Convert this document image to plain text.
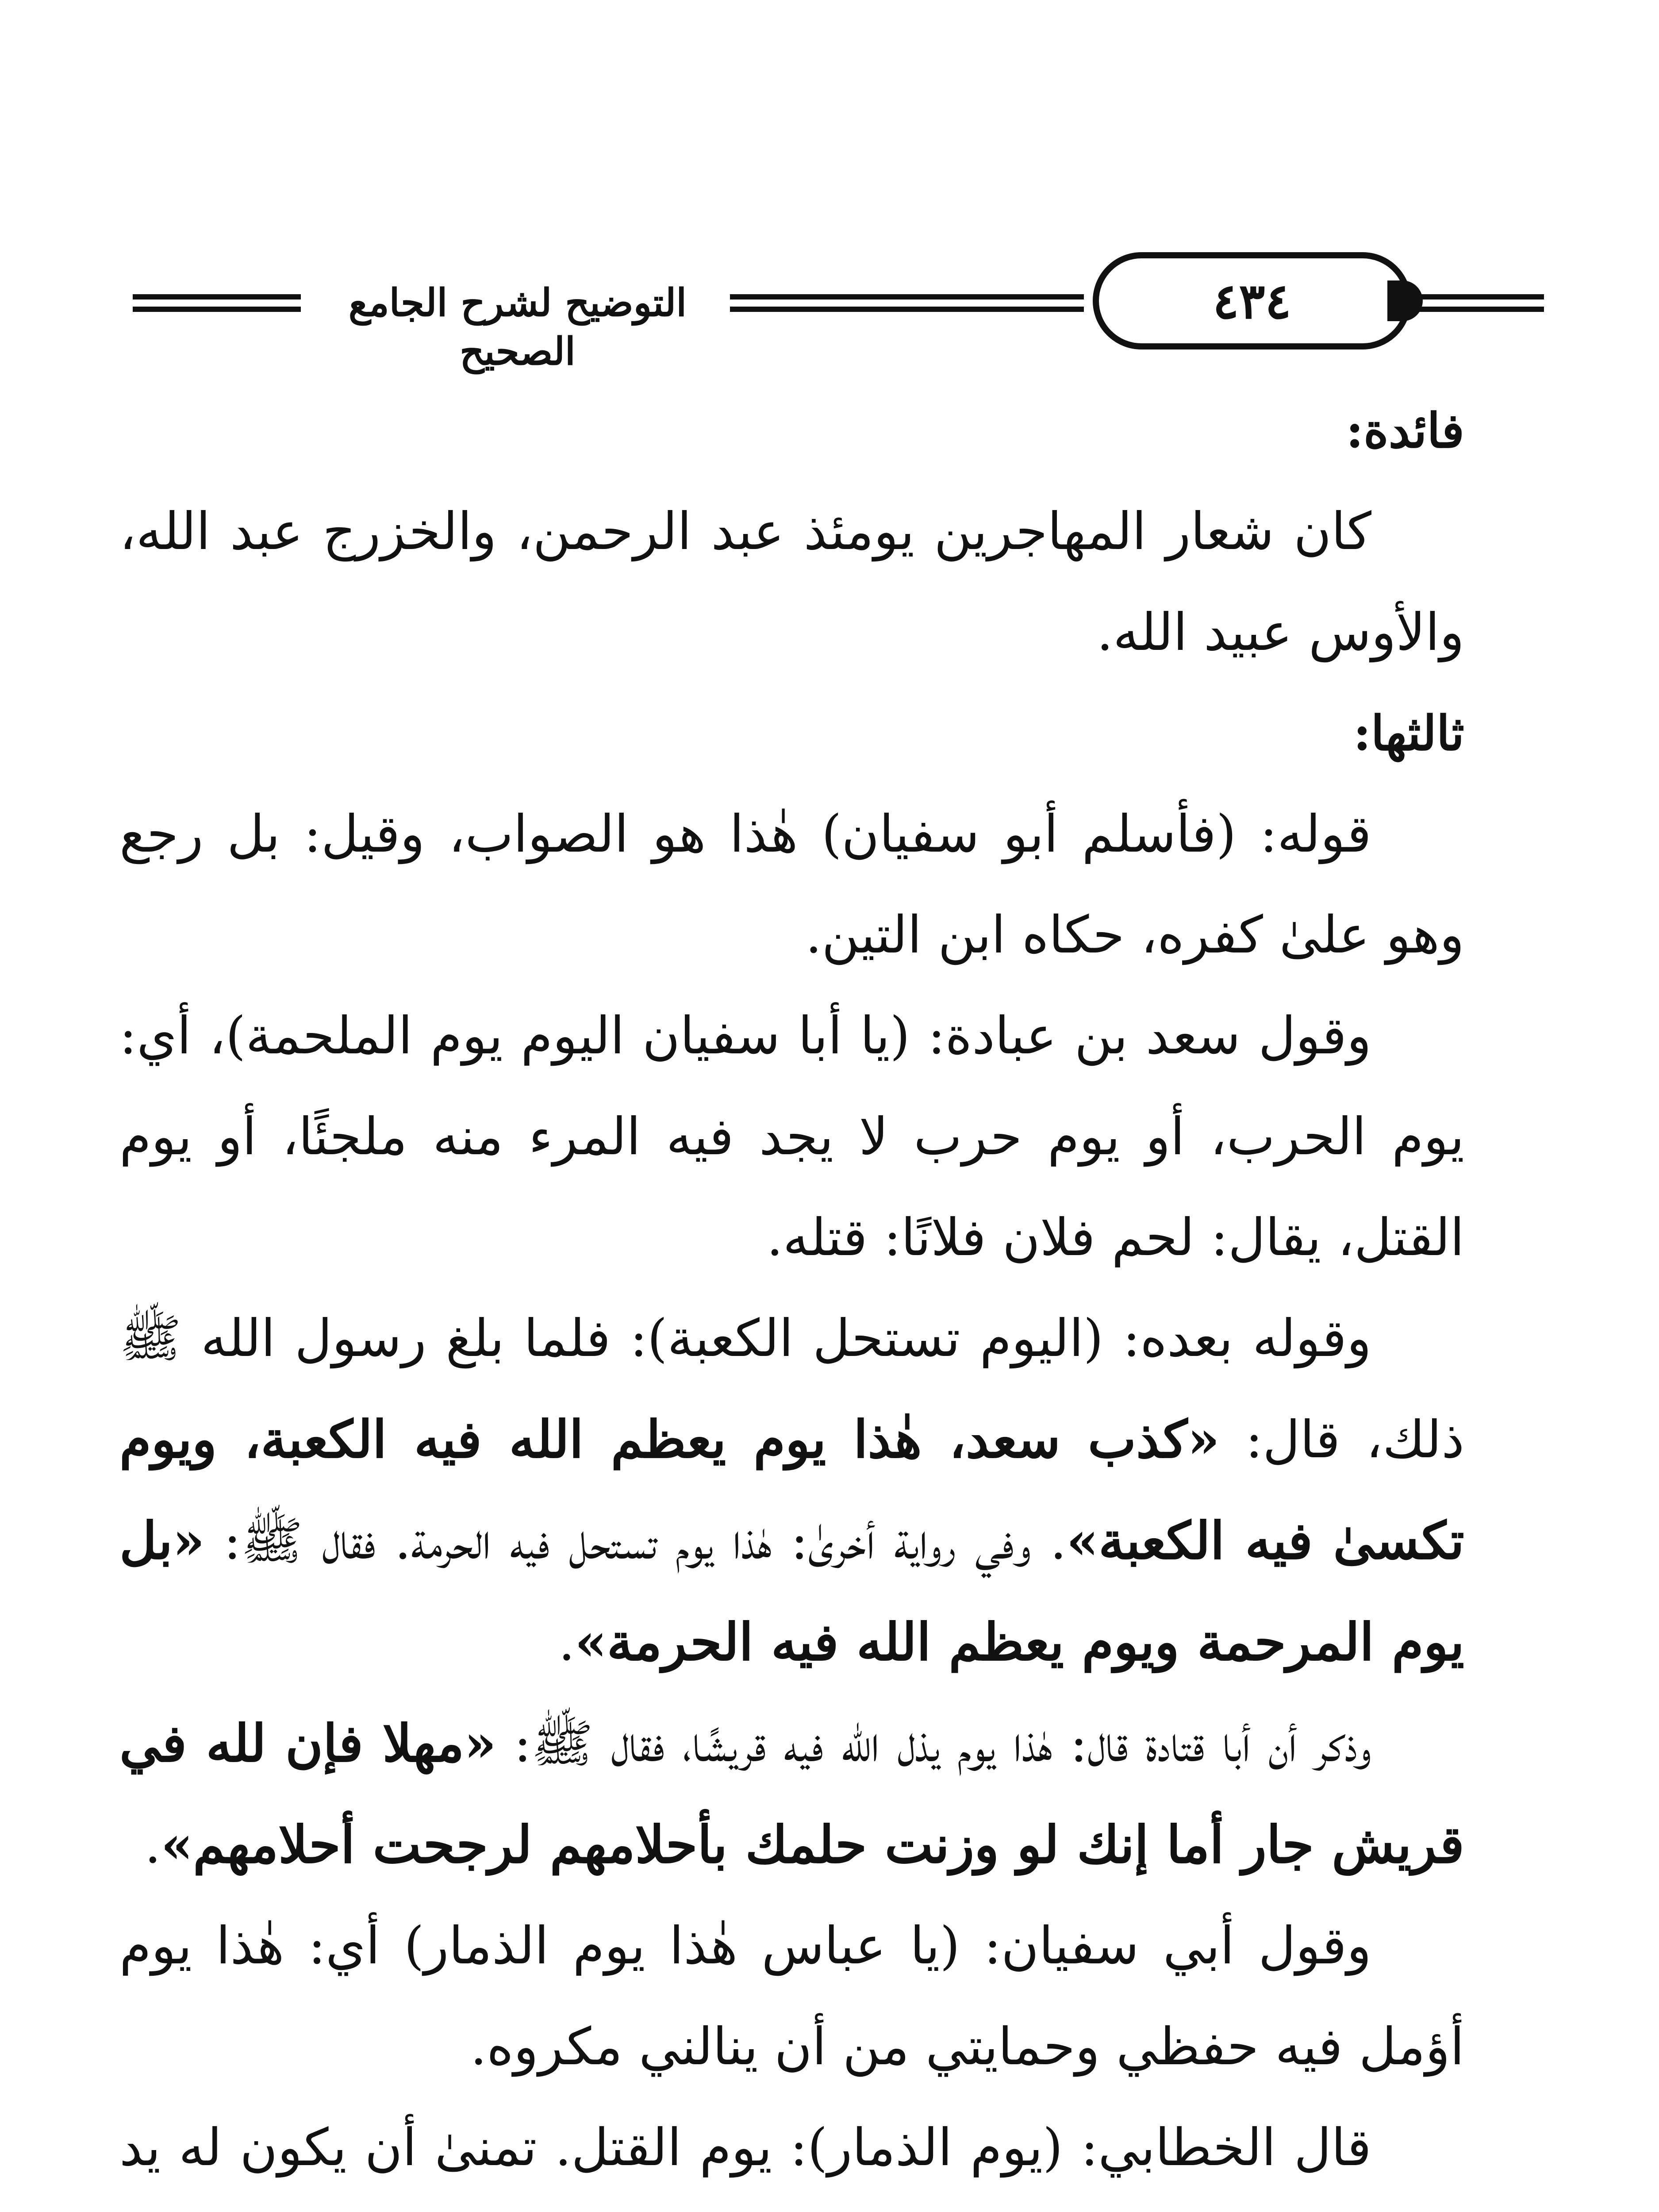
التوضيح لشرح الجامع الصحيح
٤٣٤

فائدة:

كان شعار المهاجرين يومئذ عبد الرحمن، والخزرج عبد الله، والأوس عبيد الله.

ثالثها:

قوله: (فأسلم أبو سفيان) هٰذا هو الصواب، وقيل: بل رجع وهو علىٰ كفره، حكاه ابن التين.

وقول سعد بن عبادة: (يا أبا سفيان اليوم يوم الملحمة)، أي: يوم الحرب، أو يوم حرب لا يجد فيه المرء منه ملجئًا، أو يوم القتل، يقال: لحم فلان فلانًا: قتله.

وقوله بعده: (اليوم تستحل الكعبة): فلما بلغ رسول الله ﷺ ذلك، قال: «كذب سعد، هٰذا يوم يعظم الله فيه الكعبة، ويوم تكسىٰ فيه الكعبة». وفي رواية أخرىٰ: هٰذا يوم تستحل فيه الحرمة. فقال ﷺ: «بل يوم المرحمة ويوم يعظم الله فيه الحرمة».

وذكر أن أبا قتادة قال: هٰذا يوم يذل الله فيه قريشًا، فقال ﷺ: «مهلا فإن لله في قريش جار أما إنك لو وزنت حلمك بأحلامهم لرجحت أحلامهم».

وقول أبي سفيان: (يا عباس هٰذا يوم الذمار) أي: هٰذا يوم أؤمل فيه حفظي وحمايتي من أن ينالني مكروه.

قال الخطابي: (يوم الذمار): يوم القتل. تمنىٰ أن يكون له يد
